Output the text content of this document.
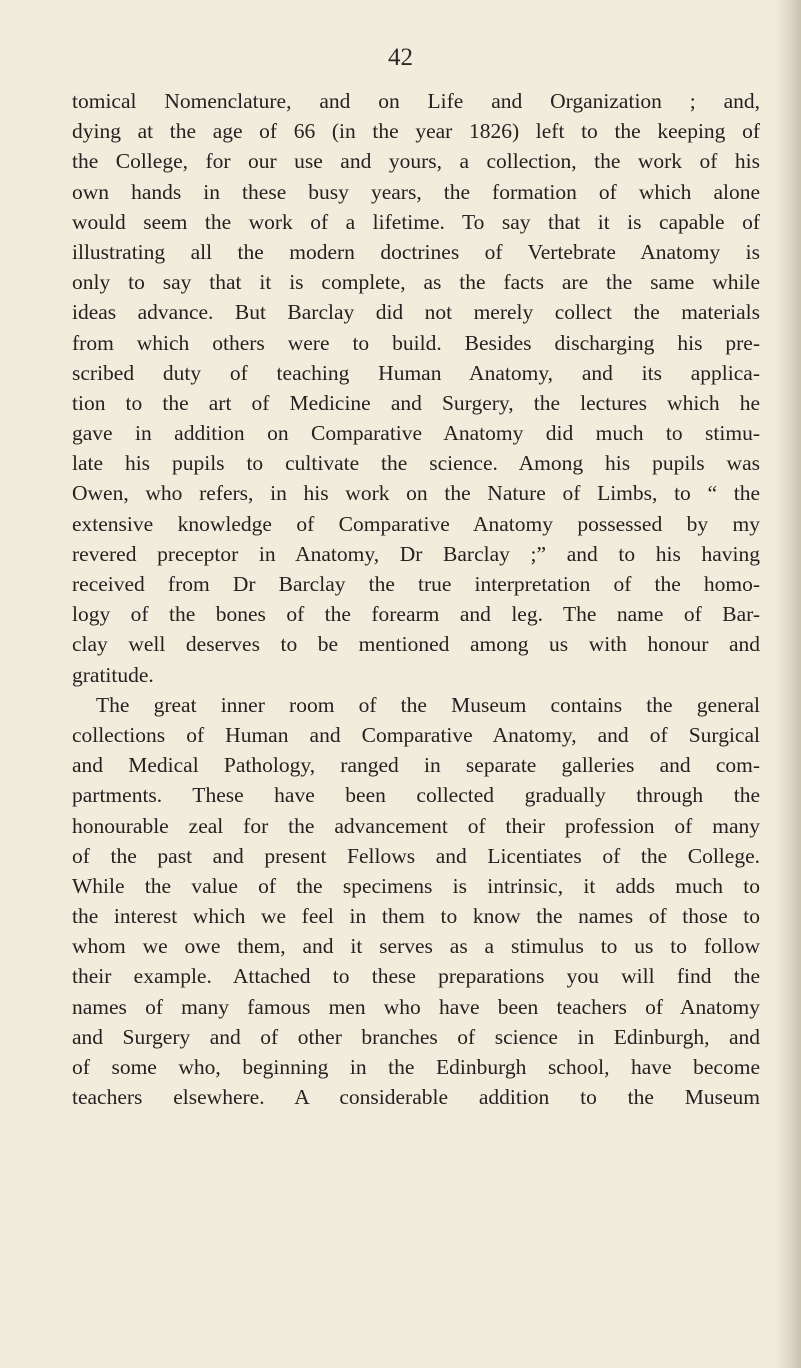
42
tomical Nomenclature, and on Life and Organization ; and,
dying at the age of 66 (in the year 1826) left to the keeping of
the College, for our use and yours, a collection, the work of his
own hands in these busy years, the formation of which alone
would seem the work of a lifetime. To say that it is capable of
illustrating all the modern doctrines of Vertebrate Anatomy is
only to say that it is complete, as the facts are the same while
ideas advance. But Barclay did not merely collect the materials
from which others were to build. Besides discharging his pre-
scribed duty of teaching Human Anatomy, and its applica-
tion to the art of Medicine and Surgery, the lectures which he
gave in addition on Comparative Anatomy did much to stimu-
late his pupils to cultivate the science. Among his pupils was
Owen, who refers, in his work on the Nature of Limbs, to “ the
extensive knowledge of Comparative Anatomy possessed by my
revered preceptor in Anatomy, Dr Barclay ;” and to his having
received from Dr Barclay the true interpretation of the homo-
logy of the bones of the forearm and leg. The name of Bar-
clay well deserves to be mentioned among us with honour and
gratitude.
The great inner room of the Museum contains the general
collections of Human and Comparative Anatomy, and of Surgical
and Medical Pathology, ranged in separate galleries and com-
partments. These have been collected gradually through the
honourable zeal for the advancement of their profession of many
of the past and present Fellows and Licentiates of the College.
While the value of the specimens is intrinsic, it adds much to
the interest which we feel in them to know the names of those to
whom we owe them, and it serves as a stimulus to us to follow
their example. Attached to these preparations you will find the
names of many famous men who have been teachers of Anatomy
and Surgery and of other branches of science in Edinburgh, and
of some who, beginning in the Edinburgh school, have become
teachers elsewhere. A considerable addition to the Museum
